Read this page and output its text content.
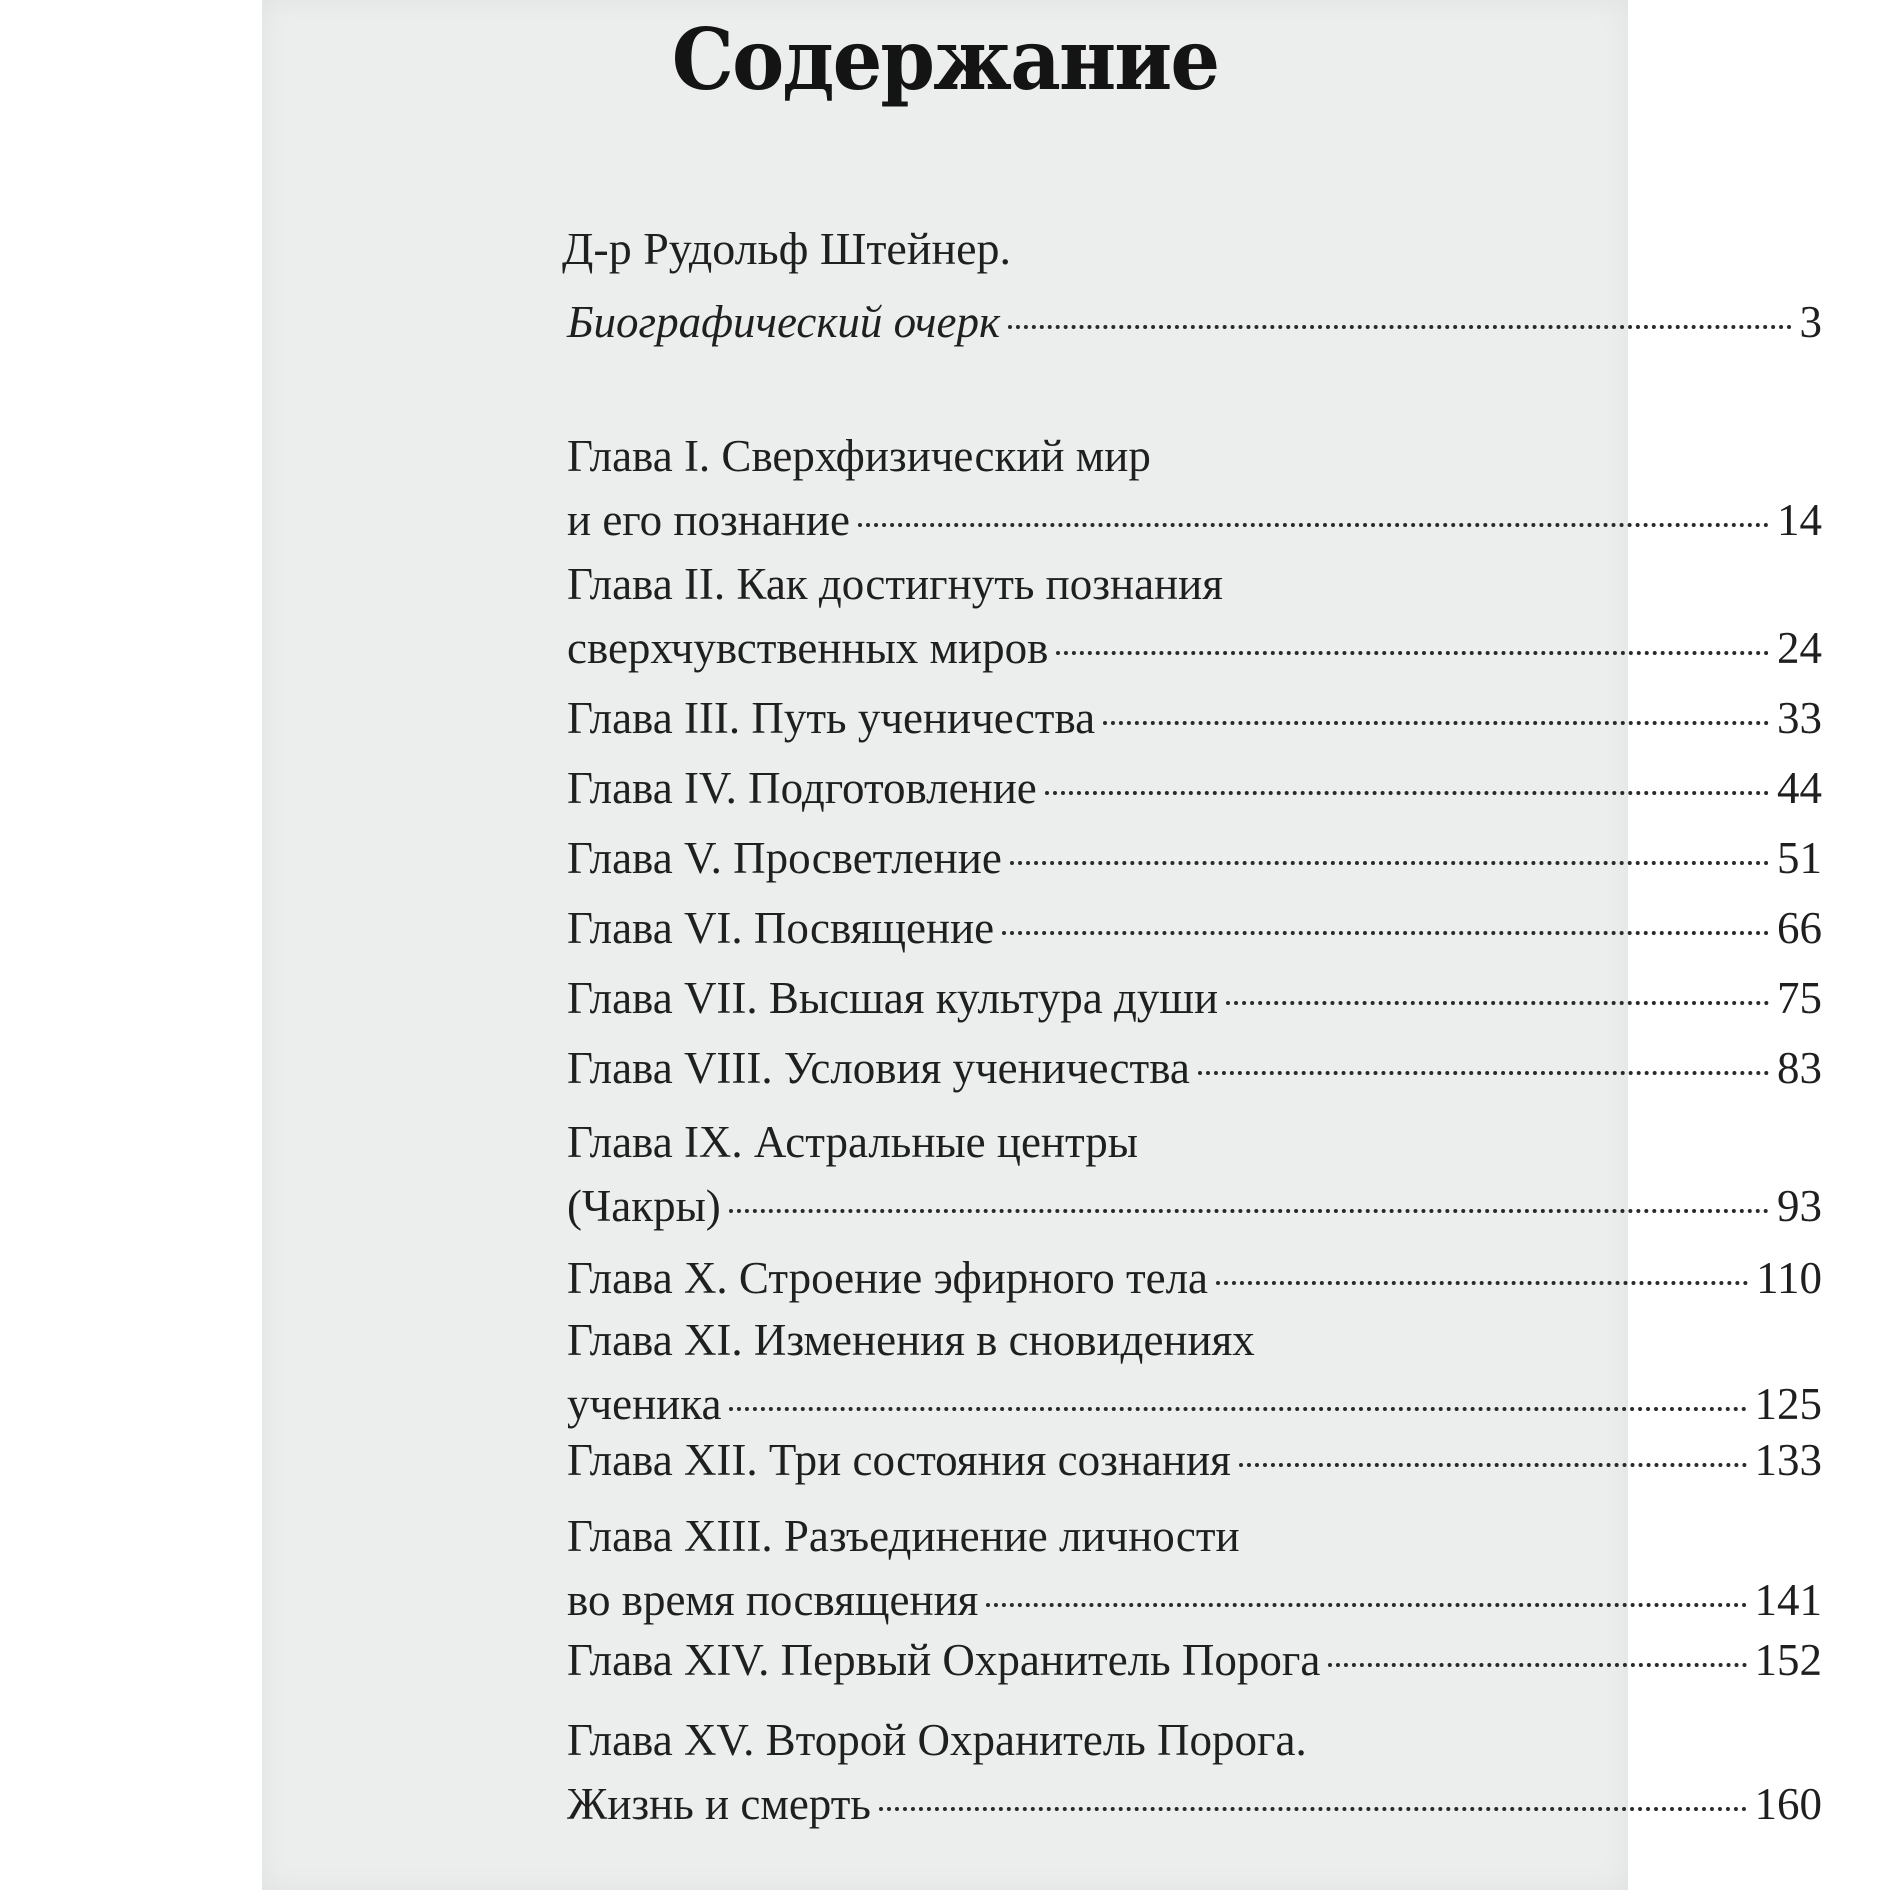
Содержание
Д-р Рудольф Штейнер.
Биографический очерк	3
Глава I. Сверхфизический мир
и его познание	14
Глава II. Как достигнуть познания
сверхчувственных миров	24
Глава III. Путь ученичества	33
Глава IV. Подготовление	44
Глава V. Просветление	51
Глава VI. Посвящение	66
Глава VII. Высшая культура души	75
Глава VIII. Условия ученичества	83
Глава IX. Астральные центры
(Чакры)	93
Глава X. Строение эфирного тела	110
Глава XI. Изменения в сновидениях
ученика	125
Глава XII. Три состояния сознания	133
Глава XIII. Разъединение личности
во время посвящения	141
Глава XIV. Первый Охранитель Порога	152
Глава XV. Второй Охранитель Порога.
Жизнь и смерть	160
